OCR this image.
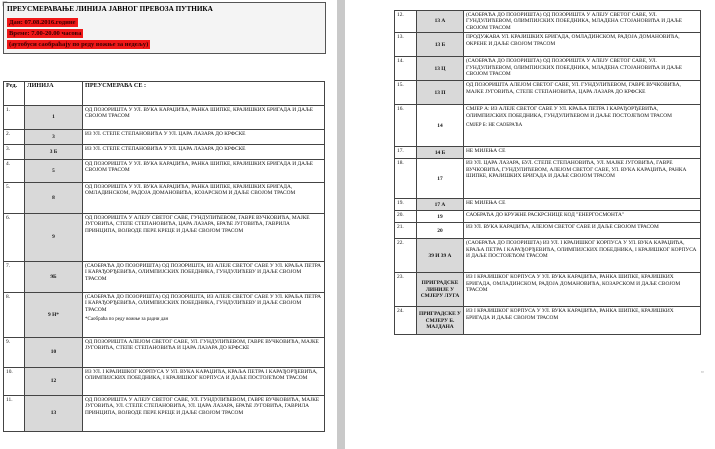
ПРЕУСМЕРАВАЊЕ ЛИНИЈА ЈАВНОГ ПРЕВОЗА ПУТНИКА
Дан: 07.08.2016.године
Време: 7.00-20.00 часова
(аутобуси саобраћају по реду вожње за недељу)
Ред.	ЛИНИЈА	ПРЕУСМЕРАВА СЕ :
1.	1	ОД ПОЗОРИШТА У УЛ. ВУКА КАРАЏИЋА, РАНКА ШИПКЕ, КРАЈИШКИХ БРИГАДА И ДАЉЕ СВОЈОМ ТРАСОМ

2.	3	ИЗ УЛ. СТЕПЕ СТЕПАНОВИЋА У УЛ. ЦАРА ЛАЗАРА ДО КРФСКЕ

3.	3 Б	ИЗ УЛ. СТЕПЕ СТЕПАНОВИЋА У УЛ. ЦАРА ЛАЗАРА ДО КРФСКЕ

4.	5	ОД ПОЗОРИШТА У УЛ. ВУКА КАРАЏИЋА, РАНКА ШИПКЕ, КРАЈИШКИХ БРИГАДА И ДАЉЕ СВОЈОМ ТРАСОМ

5.	8	ОД ПОЗОРИШТА У УЛ. ВУКА КАРАЏИЋА, РАНКА ШИПКЕ, КРАЈИШКИХ БРИГАДА, ОМЛАДИНСКОМ, РАДОЈА ДОМАНОВИЋА, КОЗАРСКОМ И ДАЉЕ СВОЈОМ ТРАСОМ

6.	9	ОД ПОЗОРИШТА У АЛЕЈУ СВЕТОГ САВЕ, ГУНДУЛИЋЕВОМ, ГАВРЕ ВУЧКОВИЋА, МАЈКЕ ЈУГОВИЋА, СТЕПЕ СТЕПАНОВИЋА, ЦАРА ЛАЗАРА, БРАЋЕ ЈУГОВИЋА, ГАВРИЛА ПРИНЦИПА, ВОЈВОДЕ ПЕРЕ КРЕЦЕ И ДАЉЕ СВОЈОМ ТРАСОМ

7.	9Б	(САОБРАЋА ДО ПОЗОРИШТА) ОД ПОЗОРИШТА, ИЗ АЛЕЈЕ СВЕТОГ САВЕ У УЛ. КРАЉА ПЕТРА I КАРАЂОРЂЕВИЋА, ОЛИМПИЈСКИХ ПОБЕДНИКА, ГУНДУЛИЋЕВУ И ДАЉЕ СВОЈОМ ТРАСОМ

8.	9 Н*	(САОБРАЋА ДО ПОЗОРИШТА) ОД ПОЗОРИШТА, ИЗ АЛЕЈЕ СВЕТОГ САВЕ У УЛ. КРАЉА ПЕТРА I КАРАЂОРЂЕВИЋА, ОЛИМПИЈСКИХ ПОБЕДНИКА, ГУНДУЛИЋЕВУ И ДАЉЕ СВОЈОМ ТРАСОМ
*Саобраћа по реду вожње за радни дан

9.	10	ОД ПОЗОРИШТА АЛЕЈОМ СВЕТОГ САВЕ, УЛ. ГУНДУЛИЋЕВОМ, ГАВРЕ ВУЧКОВИЋА, МАЈКЕ ЈУГОВИЋА, СТЕПЕ СТЕПАНОВИЋА И ЦАРА ЛАЗАРА ДО КРФСКЕ

10.	12	ИЗ УЛ. I КРАЈИШКОГ КОРПУСА У УЛ. ВУКА КАРАЏИЋА, КРАЉА ПЕТРА I КАРАЂОРЂЕВИЋА, ОЛИМПИЈСКИХ ПОБЕДНИКА, I КРАЈИШКОГ КОРПУСА И ДАЉЕ ПОСТОЈЕЋОМ ТРАСОМ

11.	13	ОД ПОЗОРИШТА У АЛЕЈУ СВЕТОГ САВЕ, УЛ. ГУНДУЛИЋЕВОМ, ГАВРЕ ВУЧКОВИЋА, МАЈКЕ ЈУГОВИЋА, УЛ. СТЕПЕ СТЕПАНОВИЋА, УЛ. ЦАРА ЛАЗАРА, БРАЋЕ ЈУГОВИЋА, ГАВРИЛА ПРИНЦИПА, ВОЈВОДЕ ПЕРЕ КРЕЦЕ И ДАЉЕ СВОЈОМ ТРАСОМ
12.	13 А	(САОБРАЋА ДО ПОЗОРИШТА) ОД ПОЗОРИШТА У АЛЕЈУ СВЕТОГ САВЕ, УЛ. ГУНДУЛИЋЕВОМ, ОЛИМПИЈСКИХ ПОБЕДНИКА, МЛАДЕНА СТОЈАНОВИЋА И ДАЉЕ СВОЈОМ ТРАСОМ

13.	13 Б	ПРОДУЖАВА УЛ. КРАЈИШКИХ БРИГАДА, ОМЛАДИНСКОМ, РАДОЈА ДОМАНОВИЋА, ОКРЕНЕ И ДАЉЕ СВОЈОМ ТРАСОМ

14.	13 Ц	(САОБРАЋА ДО ПОЗОРИШТА) ОД ПОЗОРИШТА У АЛЕЈУ СВЕТОГ САВЕ, УЛ. ГУНДУЛИЋЕВОМ, ОЛИМПИЈСКИХ ПОБЕДНИКА, МЛАДЕНА СТОЈАНОВИЋА И ДАЉЕ СВОЈОМ ТРАСОМ

15.	13 П	ОД ПОЗОРИШТА АЛЕЈОМ СВЕТОГ САВЕ, УЛ. ГУНДУЛИЋЕВОМ, ГАВРЕ ВУЧКОВИЋА, МАЈКЕ ЈУГОВИЋА, СТЕПЕ СТЕПАНОВИЋА, ЦАРА ЛАЗАРА ДО КРФСКЕ

16.	14	СМЈЕР А: ИЗ АЛЕЈЕ СВЕТОГ САВЕ У УЛ. КРАЉА ПЕТРА I КАРАЂОРЂЕВИЋА, ОЛИМПИЈСКИХ ПОБЕДНИКА, ГУНДУЛИЋЕВОМ И ДАЉЕ ПОСТОЈЕЋОМ ТРАСОМ
СМЈЕР Б: НЕ САОБРАЋА

17.	14 Б	НЕ МИЈЕЊА СЕ

18.	17	ИЗ УЛ. ЦАРА ЛАЗАРА, БУЛ. СТЕПЕ СТЕПАНОВИЋА, УЛ. МАЈКЕ ЈУГОВИЋА, ГАВРЕ ВУЧКОВИЋА, ГУНДУЛИЋЕВОМ, АЛЕЈОМ СВЕТОГ САВЕ, УЛ. ВУКА КАРАЏИЋА, РАНКА ШИПКЕ, КРАЈИШКИХ БРИГАДА И ДАЉЕ СВОЈОМ ТРАСОМ

19.	17 А	НЕ МИЈЕЊА СЕ

20.	19	САОБРАЋА ДО КРУЖНЕ РАСКРСНИЦЕ КОД "ЕНЕРГОСМОНТА"

21.	20	ИЗ УЛ. ВУКА КАРАЏИЋА, АЛЕЈОМ СВЕТОГ САВЕ И ДАЉЕ СВОЈОМ ТРАСОМ

22.	39 И 39 А	(САОБРАЋА ДО ПОЗОРИШТА) ИЗ УЛ. I КРАЈИШКОГ КОРПУСА У УЛ. ВУКА КАРАЏИЋА, КРАЉА ПЕТРА I КАРАЂОРЂЕВИЋА, ОЛИМПИЈСКИХ ПОБЕДНИКА, I КРАЈИШКОГ КОРПУСА И ДАЉЕ ПОСТОЈЕЋОМ ТРАСОМ

23.	ПРИГРАДСКЕ ЛИНИЈЕ У СМЈЕРУ ЛУГА	ИЗ I КРАЈИШКОГ КОРПУСА У УЛ. ВУКА КАРАЏИЋА, РАНКА ШИПКЕ, КРАЈИШКИХ БРИГАДА, ОМЛАДИНСКОМ, РАДОЈА ДОМАНОВИЋА, КОЗАРСКОМ И ДАЉЕ СВОЈОМ ТРАСОМ

24.	ПРИГРАДСКЕ У СМЈЕРУ Б. МАЈДАНА	ИЗ I КРАЈИШКОГ КОРПУСА У УЛ. ВУКА КАРАЏИЋА, РАНКА ШИПКЕ, КРАЈИШКИХ БРИГАДА И ДАЉЕ СВОЈОМ ТРАСОМ
▫
